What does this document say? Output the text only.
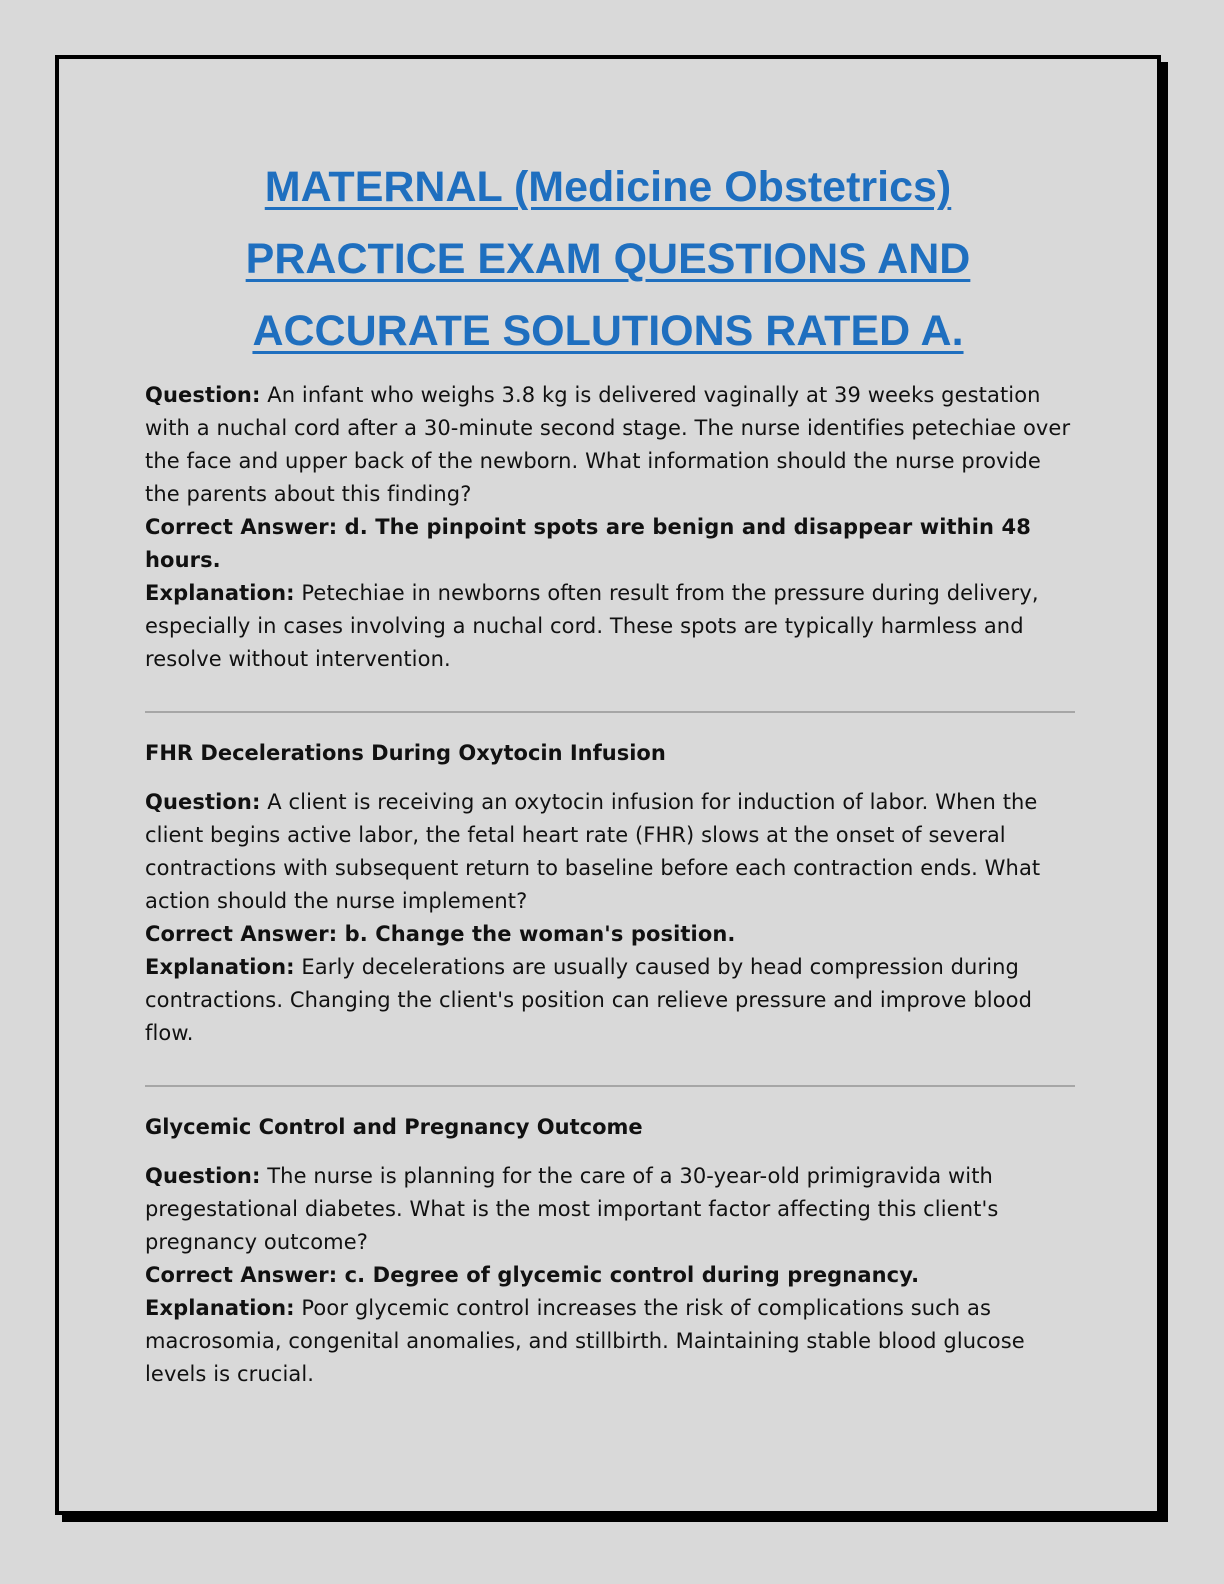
MATERNAL (Medicine Obstetrics)
PRACTICE EXAM QUESTIONS AND
ACCURATE SOLUTIONS RATED A.

Question: An infant who weighs 3.8 kg is delivered vaginally at 39 weeks gestation with a nuchal cord after a 30-minute second stage. The nurse identifies petechiae over the face and upper back of the newborn. What information should the nurse provide the parents about this finding?

Correct Answer: d. The pinpoint spots are benign and disappear within 48 hours.

Explanation: Petechiae in newborns often result from the pressure during delivery, especially in cases involving a nuchal cord. These spots are typically harmless and resolve without intervention.

FHR Decelerations During Oxytocin Infusion

Question: A client is receiving an oxytocin infusion for induction of labor. When the client begins active labor, the fetal heart rate (FHR) slows at the onset of several contractions with subsequent return to baseline before each contraction ends. What action should the nurse implement?

Correct Answer: b. Change the woman's position.

Explanation: Early decelerations are usually caused by head compression during contractions. Changing the client's position can relieve pressure and improve blood flow.

Glycemic Control and Pregnancy Outcome

Question: The nurse is planning for the care of a 30-year-old primigravida with pregestational diabetes. What is the most important factor affecting this client's pregnancy outcome?

Correct Answer: c. Degree of glycemic control during pregnancy.

Explanation: Poor glycemic control increases the risk of complications such as macrosomia, congenital anomalies, and stillbirth. Maintaining stable blood glucose levels is crucial.
